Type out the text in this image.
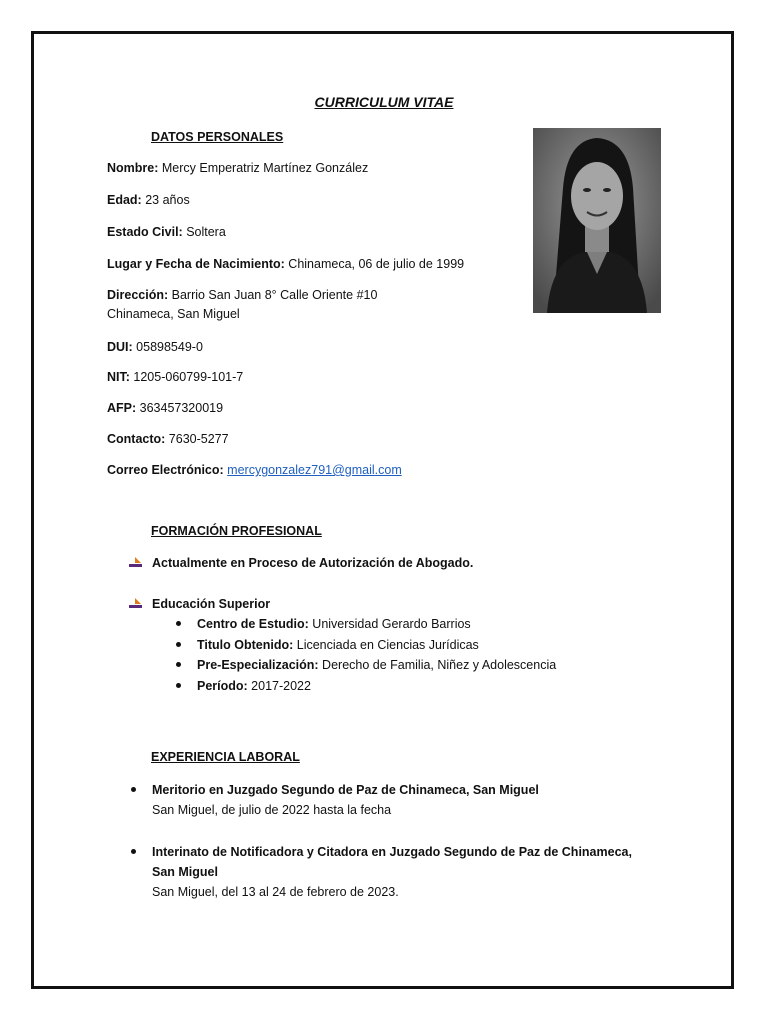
CURRICULUM VITAE
DATOS PERSONALES
Nombre: Mercy Emperatriz Martínez González
Edad: 23 años
Estado Civil: Soltera
Lugar y Fecha de Nacimiento: Chinameca, 06 de julio de 1999
Dirección: Barrio San Juan 8° Calle Oriente #10
Chinameca, San Miguel
DUI: 05898549-0
NIT: 1205-060799-101-7
AFP: 363457320019
Contacto: 7630-5277
Correo Electrónico: mercygonzalez791@gmail.com
FORMACIÓN PROFESIONAL
Actualmente en Proceso de Autorización de Abogado.
Educación Superior
Centro de Estudio: Universidad Gerardo Barrios
Titulo Obtenido: Licenciada en Ciencias Jurídicas
Pre-Especialización: Derecho de Familia, Niñez y Adolescencia
Período: 2017-2022
EXPERIENCIA LABORAL
Meritorio en Juzgado Segundo de Paz de Chinameca, San Miguel
San Miguel, de julio de 2022 hasta la fecha
Interinato de Notificadora y Citadora en Juzgado Segundo de Paz de Chinameca,
San Miguel
San Miguel, del 13 al 24 de febrero de 2023.
